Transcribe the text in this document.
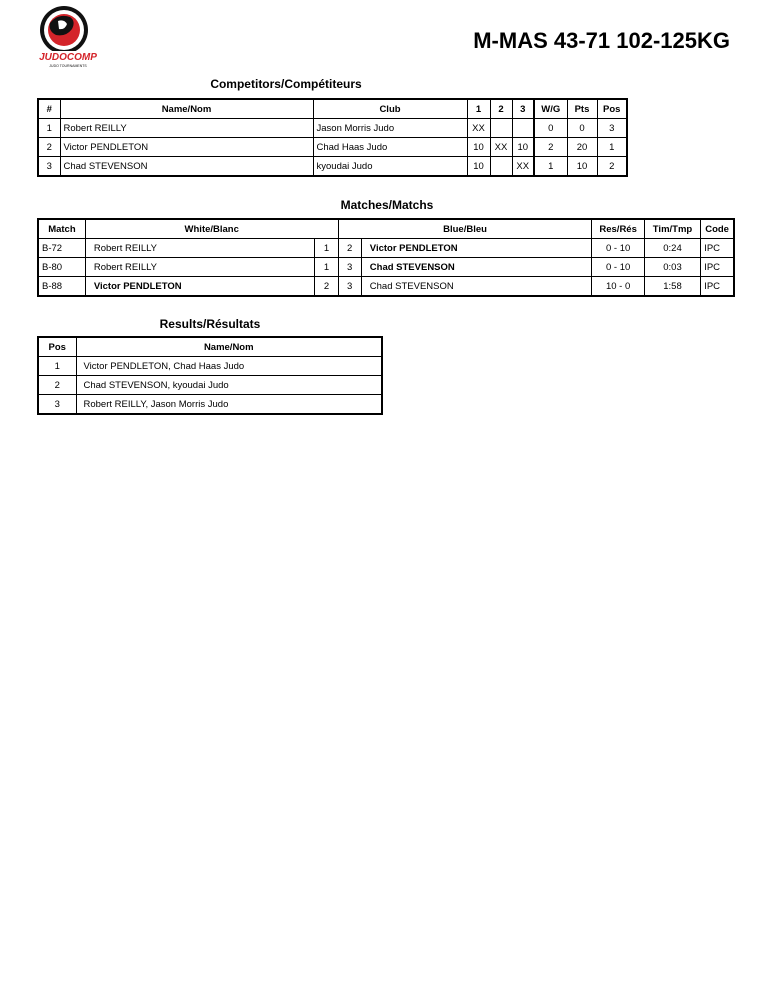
JUDOCOMP
JUDO TOURNAMENTS
M-MAS 43-71 102-125KG
Competitors/Compétiteurs
#	Name/Nom	Club	1	2	3	W/G	Pts	Pos
1	Robert REILLY	Jason Morris Judo	XX			0	0	3
2	Victor PENDLETON	Chad Haas Judo	10	XX	10	2	20	1
3	Chad STEVENSON	kyoudai Judo	10		XX	1	10	2
Matches/Matchs
Match	White/Blanc		Blue/Bleu		Res/Rés	Tim/Tmp	Code
B-72	Robert REILLY	1	2	Victor PENDLETON	0 - 10	0:24	IPC
B-80	Robert REILLY	1	3	Chad STEVENSON	0 - 10	0:03	IPC
B-88	Victor PENDLETON	2	3	Chad STEVENSON	10 - 0	1:58	IPC
Results/Résultats
Pos	Name/Nom
1	Victor PENDLETON, Chad Haas Judo
2	Chad STEVENSON, kyoudai Judo
3	Robert REILLY, Jason Morris Judo
